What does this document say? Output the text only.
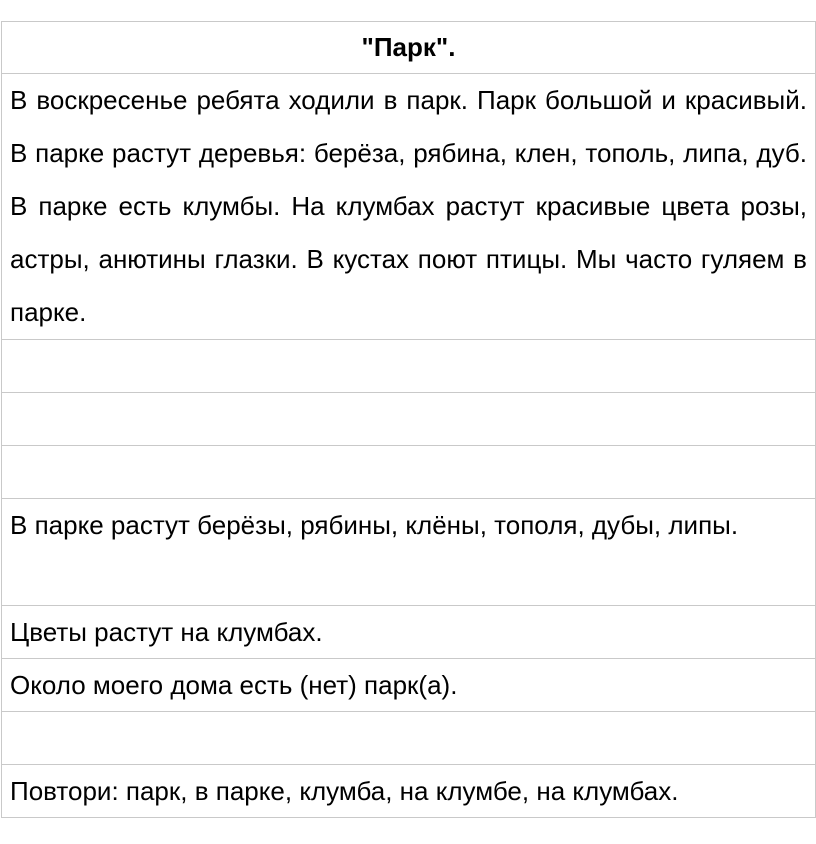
"Парк".
В воскресенье ребята ходили в парк. Парк большой и красивый. В парке растут деревья: берёза, рябина, клен, тополь, липа, дуб. В парке есть клумбы. На клумбах растут красивые цвета розы, астры, анютины глазки. В кустах поют птицы. Мы часто гуляем в парке.
В парке растут берёзы, рябины, клёны, тополя, дубы, липы.
Цветы растут на клумбах.
Около моего дома есть (нет) парк(а).
Повтори: парк, в парке, клумба, на клумбе, на клумбах.
